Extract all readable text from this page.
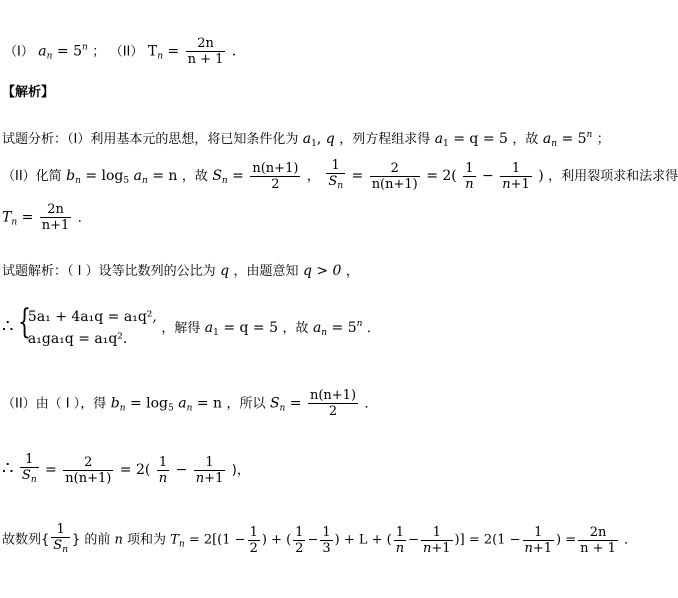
（I） $a_n = 5^n$ ； （II） $T_n = \frac{2n}{n + 1}$ ．
【解析】
试题分析：（I）利用基本元的思想，将已知条件化为 $a_1$, q ，列方程组求得 $a_1 = q = 5$ ，故 $a_n = 5^n$ ；
（II）化简 $b_n = \log_5 a_n = n$ ，故 $S_n = \frac{n(n+1)}{2}$ ， $\frac{1}{S_n} = \frac{2}{n(n+1)} = 2( \frac{1}{n} - \frac{1}{n+1}$ ) ，利用裂项求和法求得
$T_n = \frac{2n}{n+1}$ ．
试题解析：（ I ）设等比数列的公比为 q ，由题意知 q > 0 ，
∴ {
5a₁ + 4a₁q = a₁q²,
a₁ga₁q = a₁q².
，解得 $a_1 = q = 5$ ，故 $a_n = 5^n$ ．
（II）由（ I ），得 $b_n = \log_5 a_n = n$ ，所以 $S_n = \frac{n(n+1)}{2}$ ．
∴ $\frac{1}{S_n} = \frac{2}{n(n+1)} = 2( \frac{1}{n} - \frac{1}{n+1}$ )，
故数列{ $\frac{1}{S_n}$ } 的前 n 项和为 $T_n = 2[(1 - \frac{1}{2}$ ) + ( $\frac{1}{2} - \frac{1}{3}$ ) + L + ( $\frac{1}{n} - \frac{1}{n+1}$ )] = $2(1 - \frac{1}{n+1}$ ) = $\frac{2n}{n + 1}$ ．
